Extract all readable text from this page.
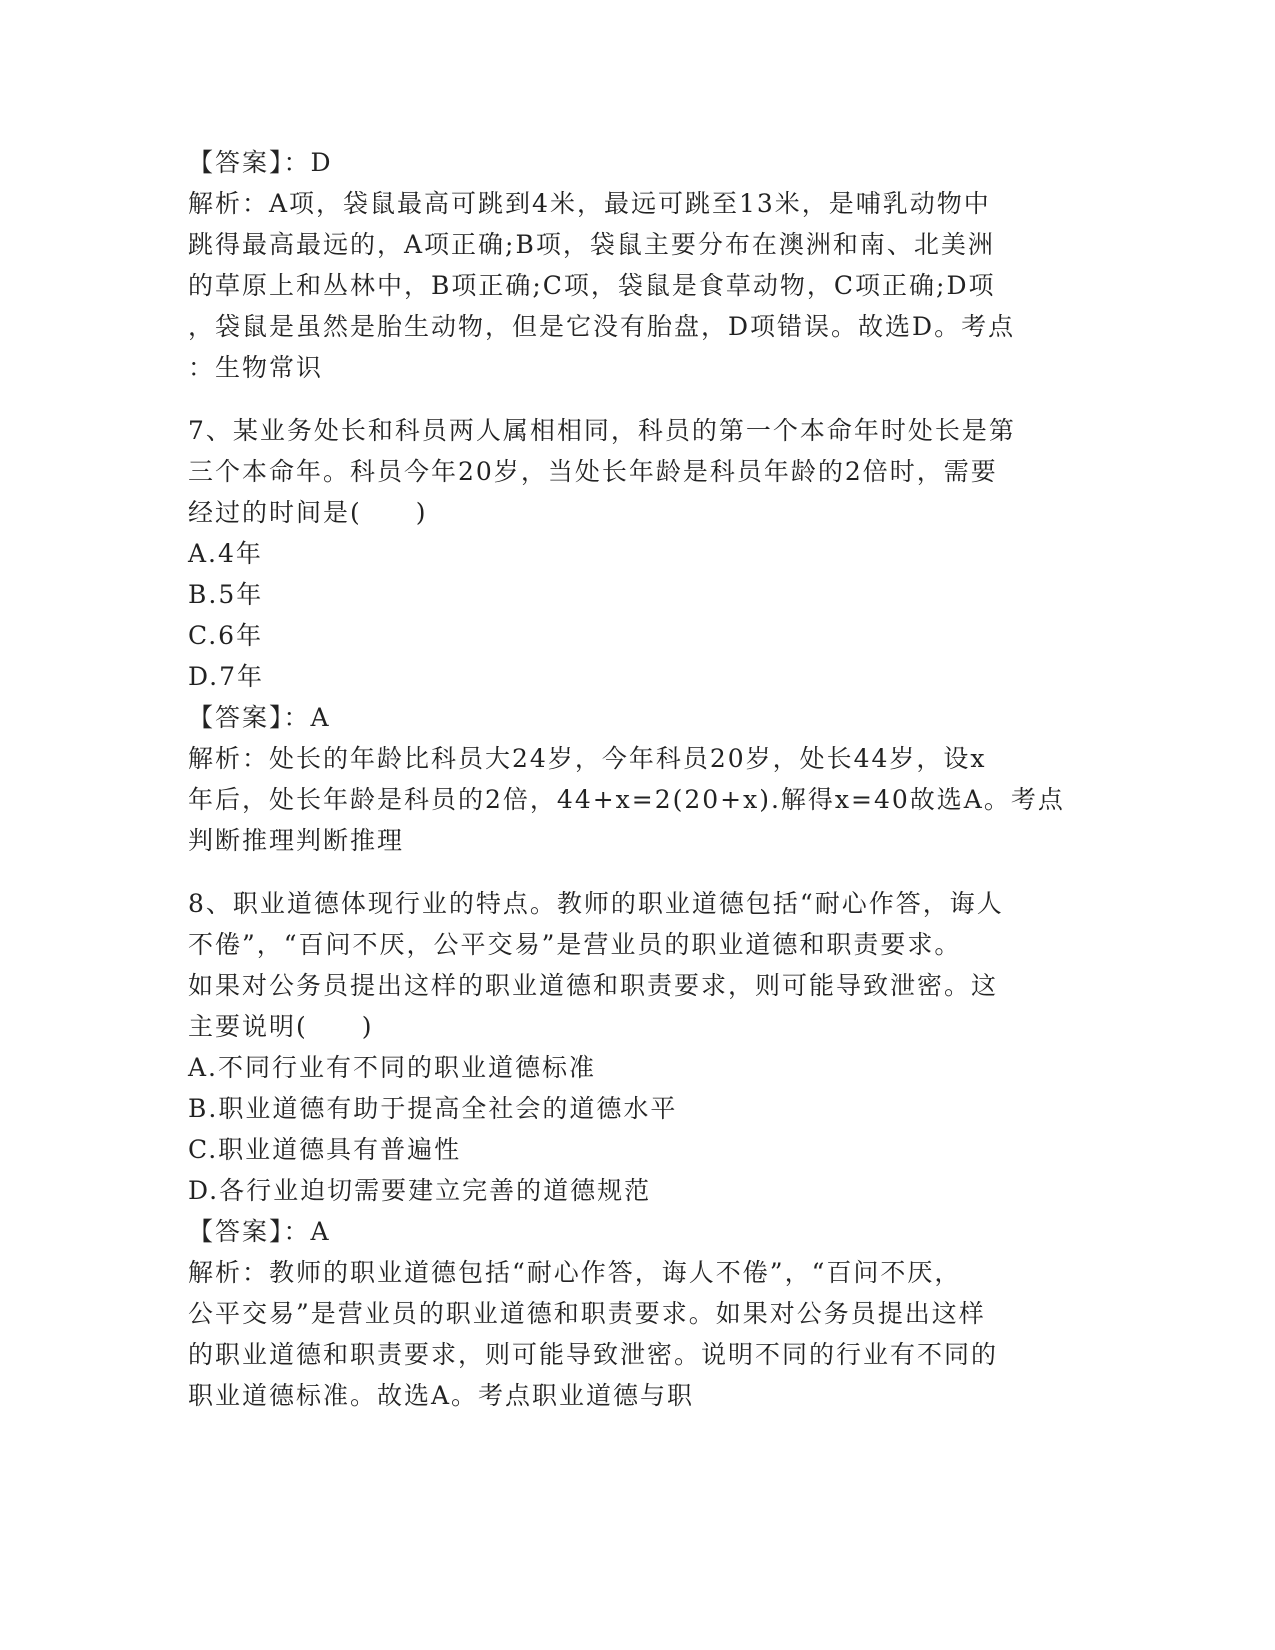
【答案】：D
解析：A项，袋鼠最高可跳到4米，最远可跳至13米，是哺乳动物中
跳得最高最远的，A项正确;B项，袋鼠主要分布在澳洲和南、北美洲
的草原上和丛林中，B项正确;C项，袋鼠是食草动物，C项正确;D项
，袋鼠是虽然是胎生动物，但是它没有胎盘，D项错误。故选D。考点
：生物常识
7、某业务处长和科员两人属相相同，科员的第一个本命年时处长是第
三个本命年。科员今年20岁，当处长年龄是科员年龄的2倍时，需要
经过的时间是(　　)
A.4年
B.5年
C.6年
D.7年
【答案】：A
解析：处长的年龄比科员大24岁，今年科员20岁，处长44岁，设x
年后，处长年龄是科员的2倍，44+x=2(20+x).解得x=40故选A。考点
判断推理判断推理
8、职业道德体现行业的特点。教师的职业道德包括“耐心作答，诲人
不倦”，“百问不厌，公平交易”是营业员的职业道德和职责要求。
如果对公务员提出这样的职业道德和职责要求，则可能导致泄密。这
主要说明(　　)
A.不同行业有不同的职业道德标准
B.职业道德有助于提高全社会的道德水平
C.职业道德具有普遍性
D.各行业迫切需要建立完善的道德规范
【答案】：A
解析：教师的职业道德包括“耐心作答，诲人不倦”，“百问不厌，
公平交易”是营业员的职业道德和职责要求。如果对公务员提出这样
的职业道德和职责要求，则可能导致泄密。说明不同的行业有不同的
职业道德标准。故选A。考点职业道德与职
